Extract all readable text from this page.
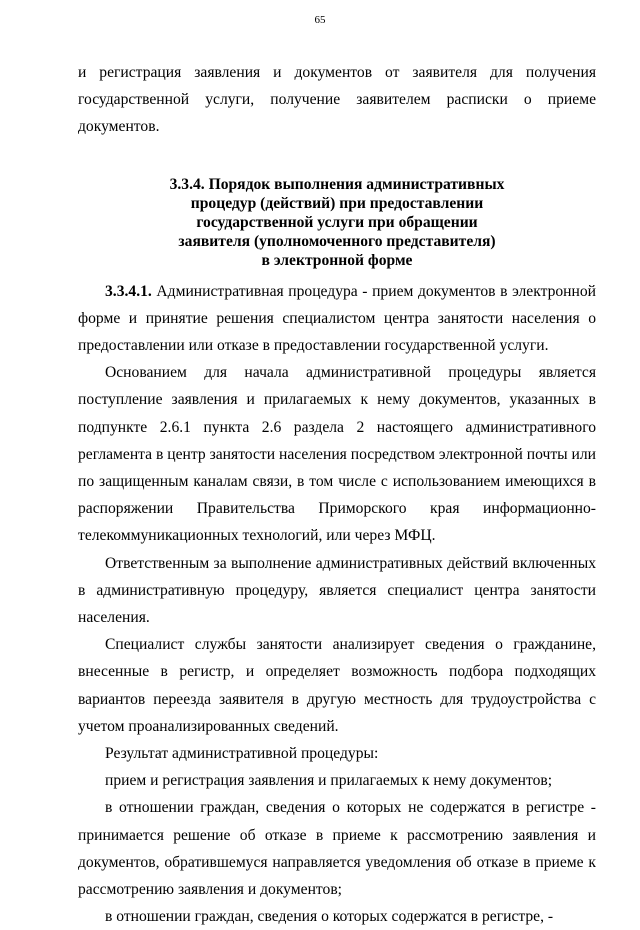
65

и регистрация заявления и документов от заявителя для получения государственной услуги, получение заявителем расписки о приеме документов.

3.3.4. Порядок выполнения административных
процедур (действий) при предоставлении
государственной услуги при обращении
заявителя (уполномоченного представителя)
в электронной форме

3.3.4.1. Административная процедура - прием документов в электронной форме и принятие решения специалистом центра занятости населения о предоставлении или отказе в предоставлении государственной услуги.

Основанием для начала административной процедуры является поступление заявления и прилагаемых к нему документов, указанных в подпункте 2.6.1 пункта 2.6 раздела 2 настоящего административного регламента в центр занятости населения посредством электронной почты или по защищенным каналам связи, в том числе с использованием имеющихся в распоряжении Правительства Приморского края информационно-телекоммуникационных технологий, или через МФЦ.

Ответственным за выполнение административных действий включенных в административную процедуру, является специалист центра занятости населения.

Специалист службы занятости анализирует сведения о гражданине, внесенные в регистр, и определяет возможность подбора подходящих вариантов переезда заявителя в другую местность для трудоустройства с учетом проанализированных сведений.

Результат административной процедуры:

прием и регистрация заявления и прилагаемых к нему документов;

в отношении граждан, сведения о которых не содержатся в регистре - принимается решение об отказе в приеме к рассмотрению заявления и документов, обратившемуся направляется уведомления об отказе в приеме к рассмотрению заявления и документов;

в отношении граждан, сведения о которых содержатся в регистре, -
